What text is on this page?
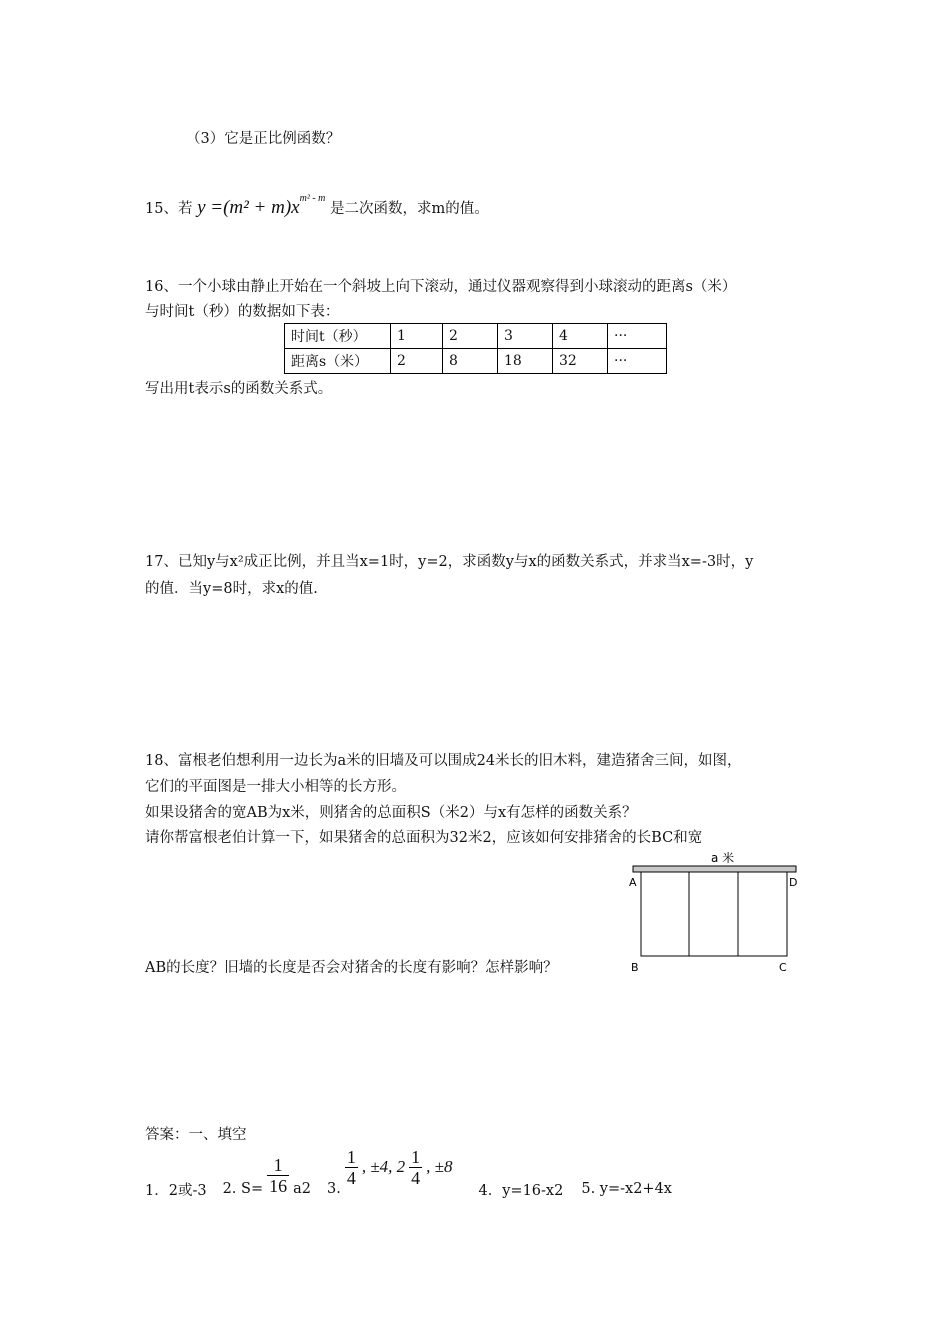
（3）它是正比例函数？
15、若 $y =(m^2 + m)x^{m^2 - m}$ 是二次函数，求m的值。
16、一个小球由静止开始在一个斜坡上向下滚动，通过仪器观察得到小球滚动的距离s（米）
与时间t（秒）的数据如下表：
时间t（秒）	1	2	3	4	···
距离s（米）	2	8	18	32	···
写出用t表示s的函数关系式。
17、已知y与x²成正比例，并且当x=1时，y=2，求函数y与x的函数关系式，并求当x=-3时，y
的值．当y=8时，求x的值.
18、富根老伯想利用一边长为a米的旧墙及可以围成24米长的旧木料，建造猪舍三间，如图，
它们的平面图是一排大小相等的长方形。
如果设猪舍的宽AB为x米，则猪舍的总面积S（米2）与x有怎样的函数关系？
请你帮富根老伯计算一下，如果猪舍的总面积为32米2，应该如何安排猪舍的长BC和宽
AB的长度？旧墙的长度是否会对猪舍的长度有影响？怎样影响？
a 米
A	D
B	C
答案：一、填空
1．2或-3 2. $S= \frac{1}{16} a2$ 3.
$\frac{1}{4}$ , ±4, $2 \frac{1}{4}$ , ±8
4．y=16-x2 5. y=-x2+4x
